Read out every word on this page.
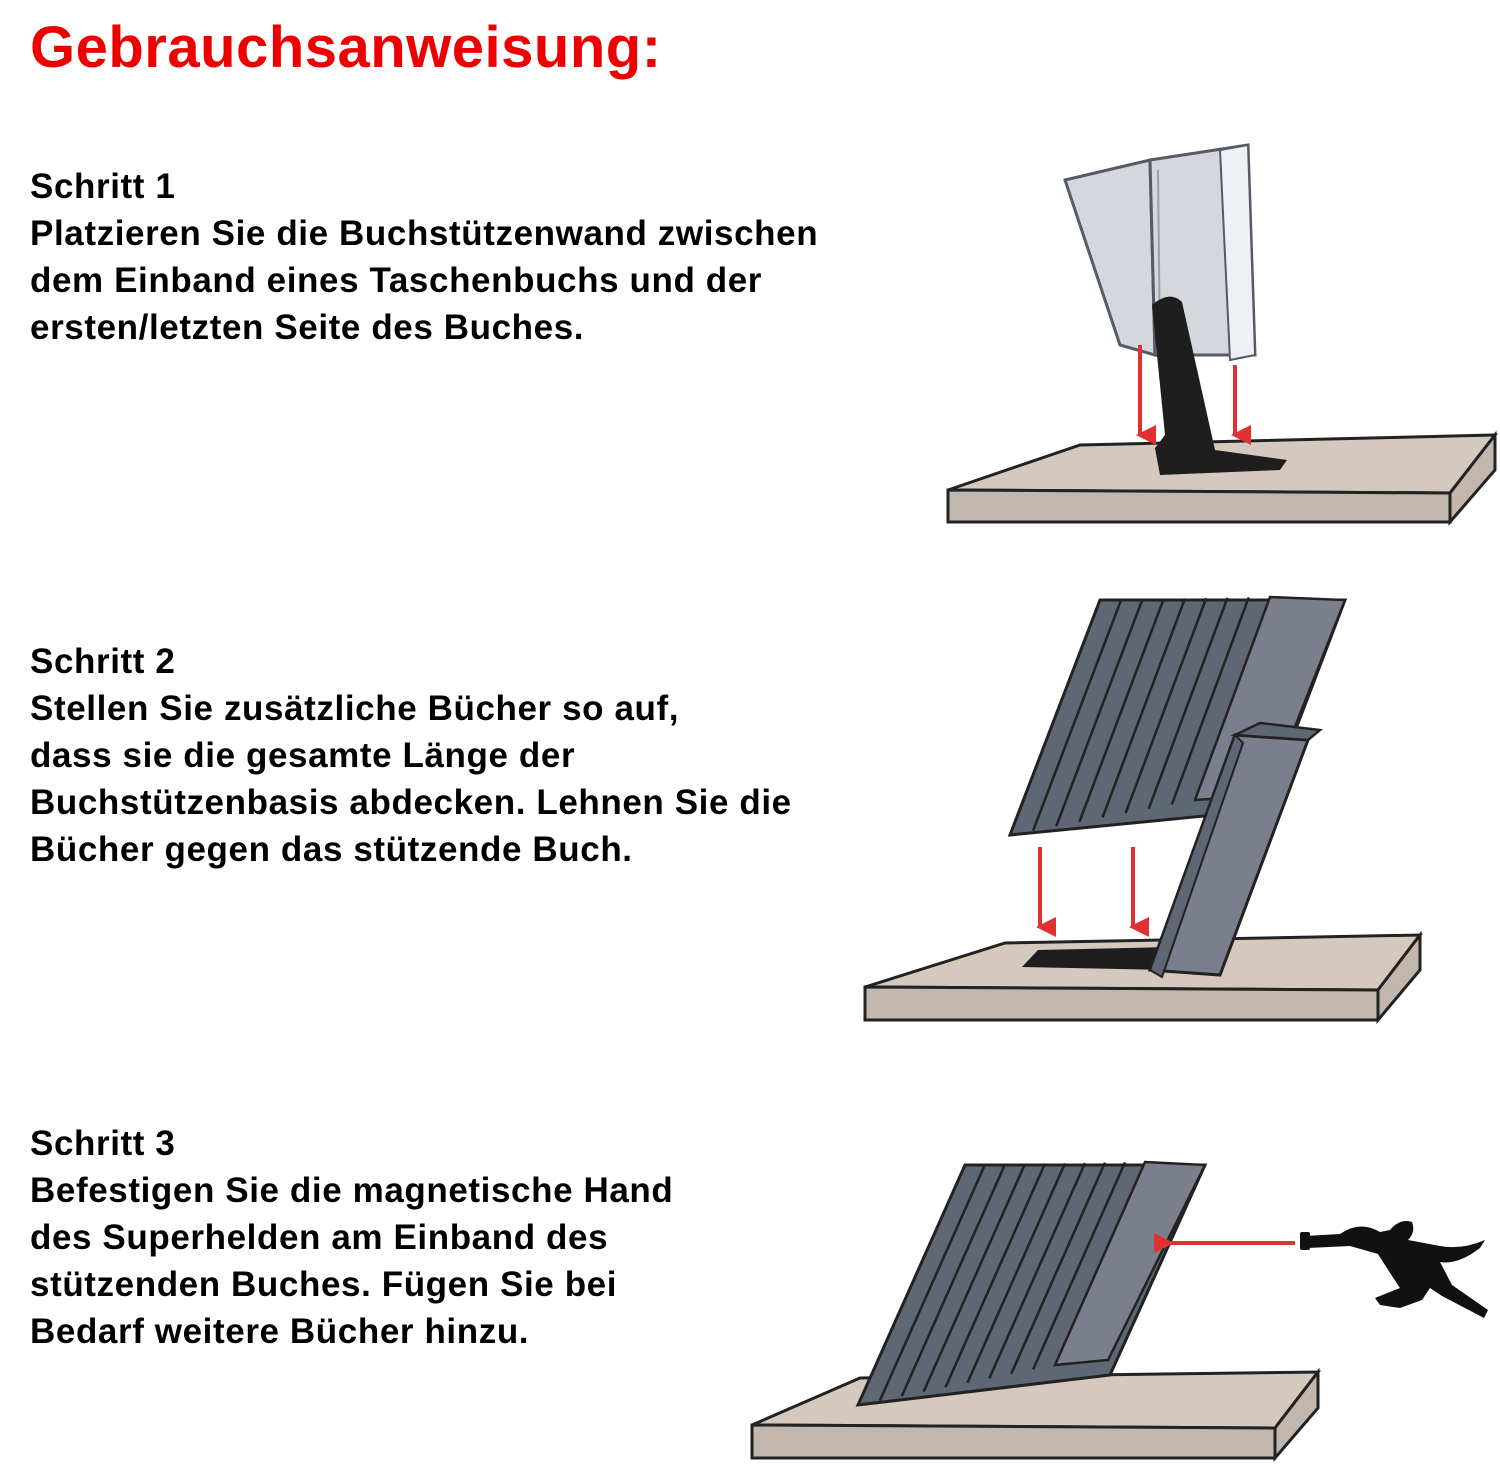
Gebrauchsanweisung:
Schritt 1

Platzieren Sie die Buchstützenwand zwischen
dem Einband eines Taschenbuchs und der
ersten/letzten Seite des Buches.

Schritt 2

Stellen Sie zusätzliche Bücher so auf,
dass sie die gesamte Länge der
Buchstützenbasis abdecken. Lehnen Sie die
Bücher gegen das stützende Buch.

Schritt 3

Befestigen Sie die magnetische Hand
des Superhelden am Einband des
stützenden Buches. Fügen Sie bei
Bedarf weitere Bücher hinzu.
